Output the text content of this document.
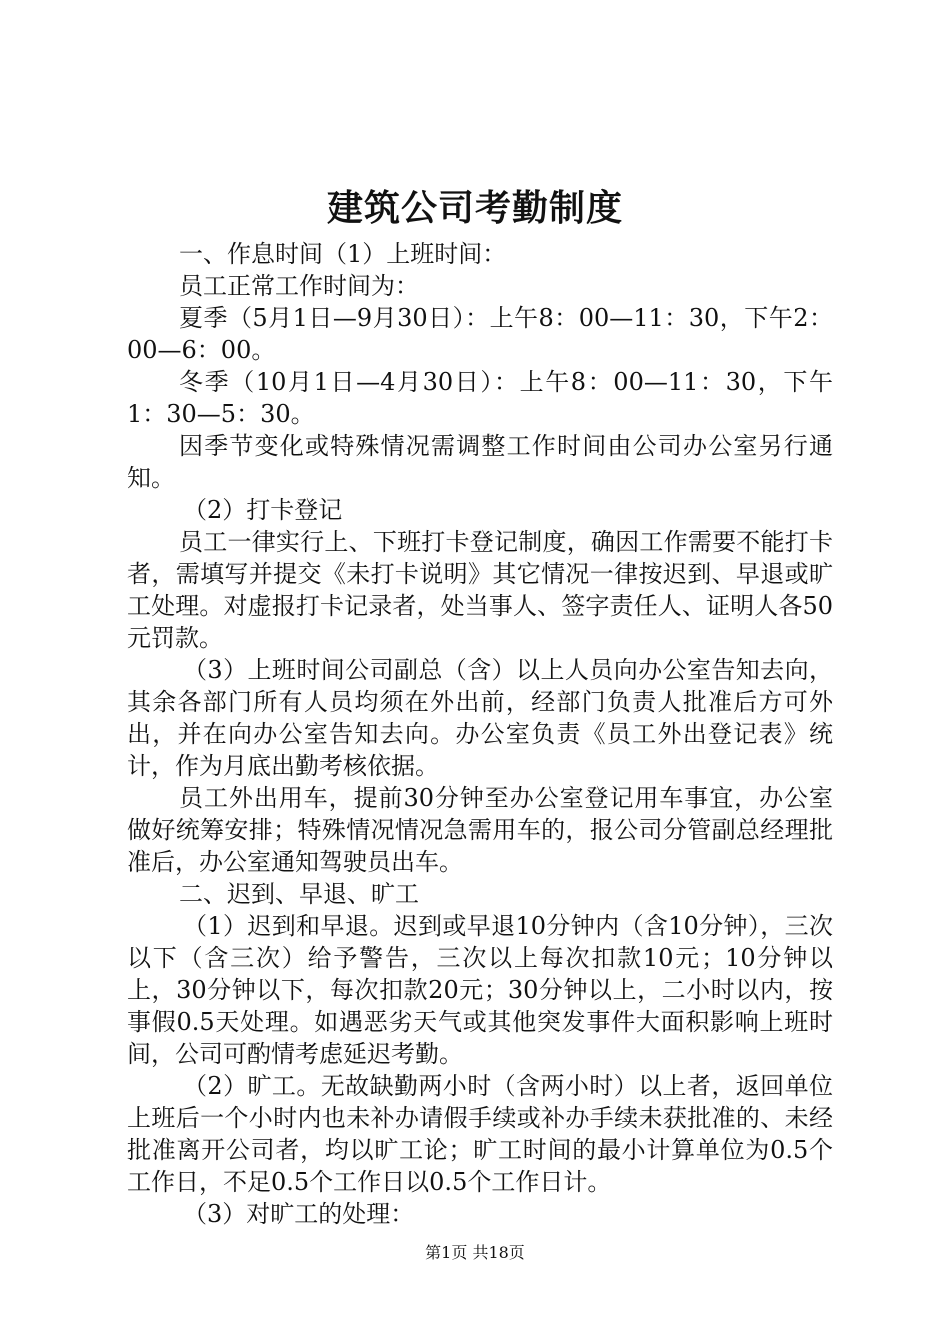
建筑公司考勤制度

一、作息时间（1）上班时间：

员工正常工作时间为：

夏季（5月1日—9月30日）：上午8：00—11：30，下午2：00—6：00。

冬季（10月1日—4月30日）：上午8：00—11：30，下午1：30—5：30。

因季节变化或特殊情况需调整工作时间由公司办公室另行通知。

（2）打卡登记

员工一律实行上、下班打卡登记制度，确因工作需要不能打卡者，需填写并提交《未打卡说明》其它情况一律按迟到、早退或旷工处理。对虚报打卡记录者，处当事人、签字责任人、证明人各50元罚款。

（3）上班时间公司副总（含）以上人员向办公室告知去向，其余各部门所有人员均须在外出前，经部门负责人批准后方可外出，并在向办公室告知去向。办公室负责《员工外出登记表》统计，作为月底出勤考核依据。

员工外出用车，提前30分钟至办公室登记用车事宜，办公室做好统筹安排；特殊情况情况急需用车的，报公司分管副总经理批准后，办公室通知驾驶员出车。

二、迟到、早退、旷工

（1）迟到和早退。迟到或早退10分钟内（含10分钟），三次以下（含三次）给予警告，三次以上每次扣款10元；10分钟以上，30分钟以下，每次扣款20元；30分钟以上，二小时以内，按事假0.5天处理。如遇恶劣天气或其他突发事件大面积影响上班时间，公司可酌情考虑延迟考勤。

（2）旷工。无故缺勤两小时（含两小时）以上者，返回单位上班后一个小时内也未补办请假手续或补办手续未获批准的、未经批准离开公司者，均以旷工论；旷工时间的最小计算单位为0.5个工作日，不足0.5个工作日以0.5个工作日计。

（3）对旷工的处理：

第1页 共18页
